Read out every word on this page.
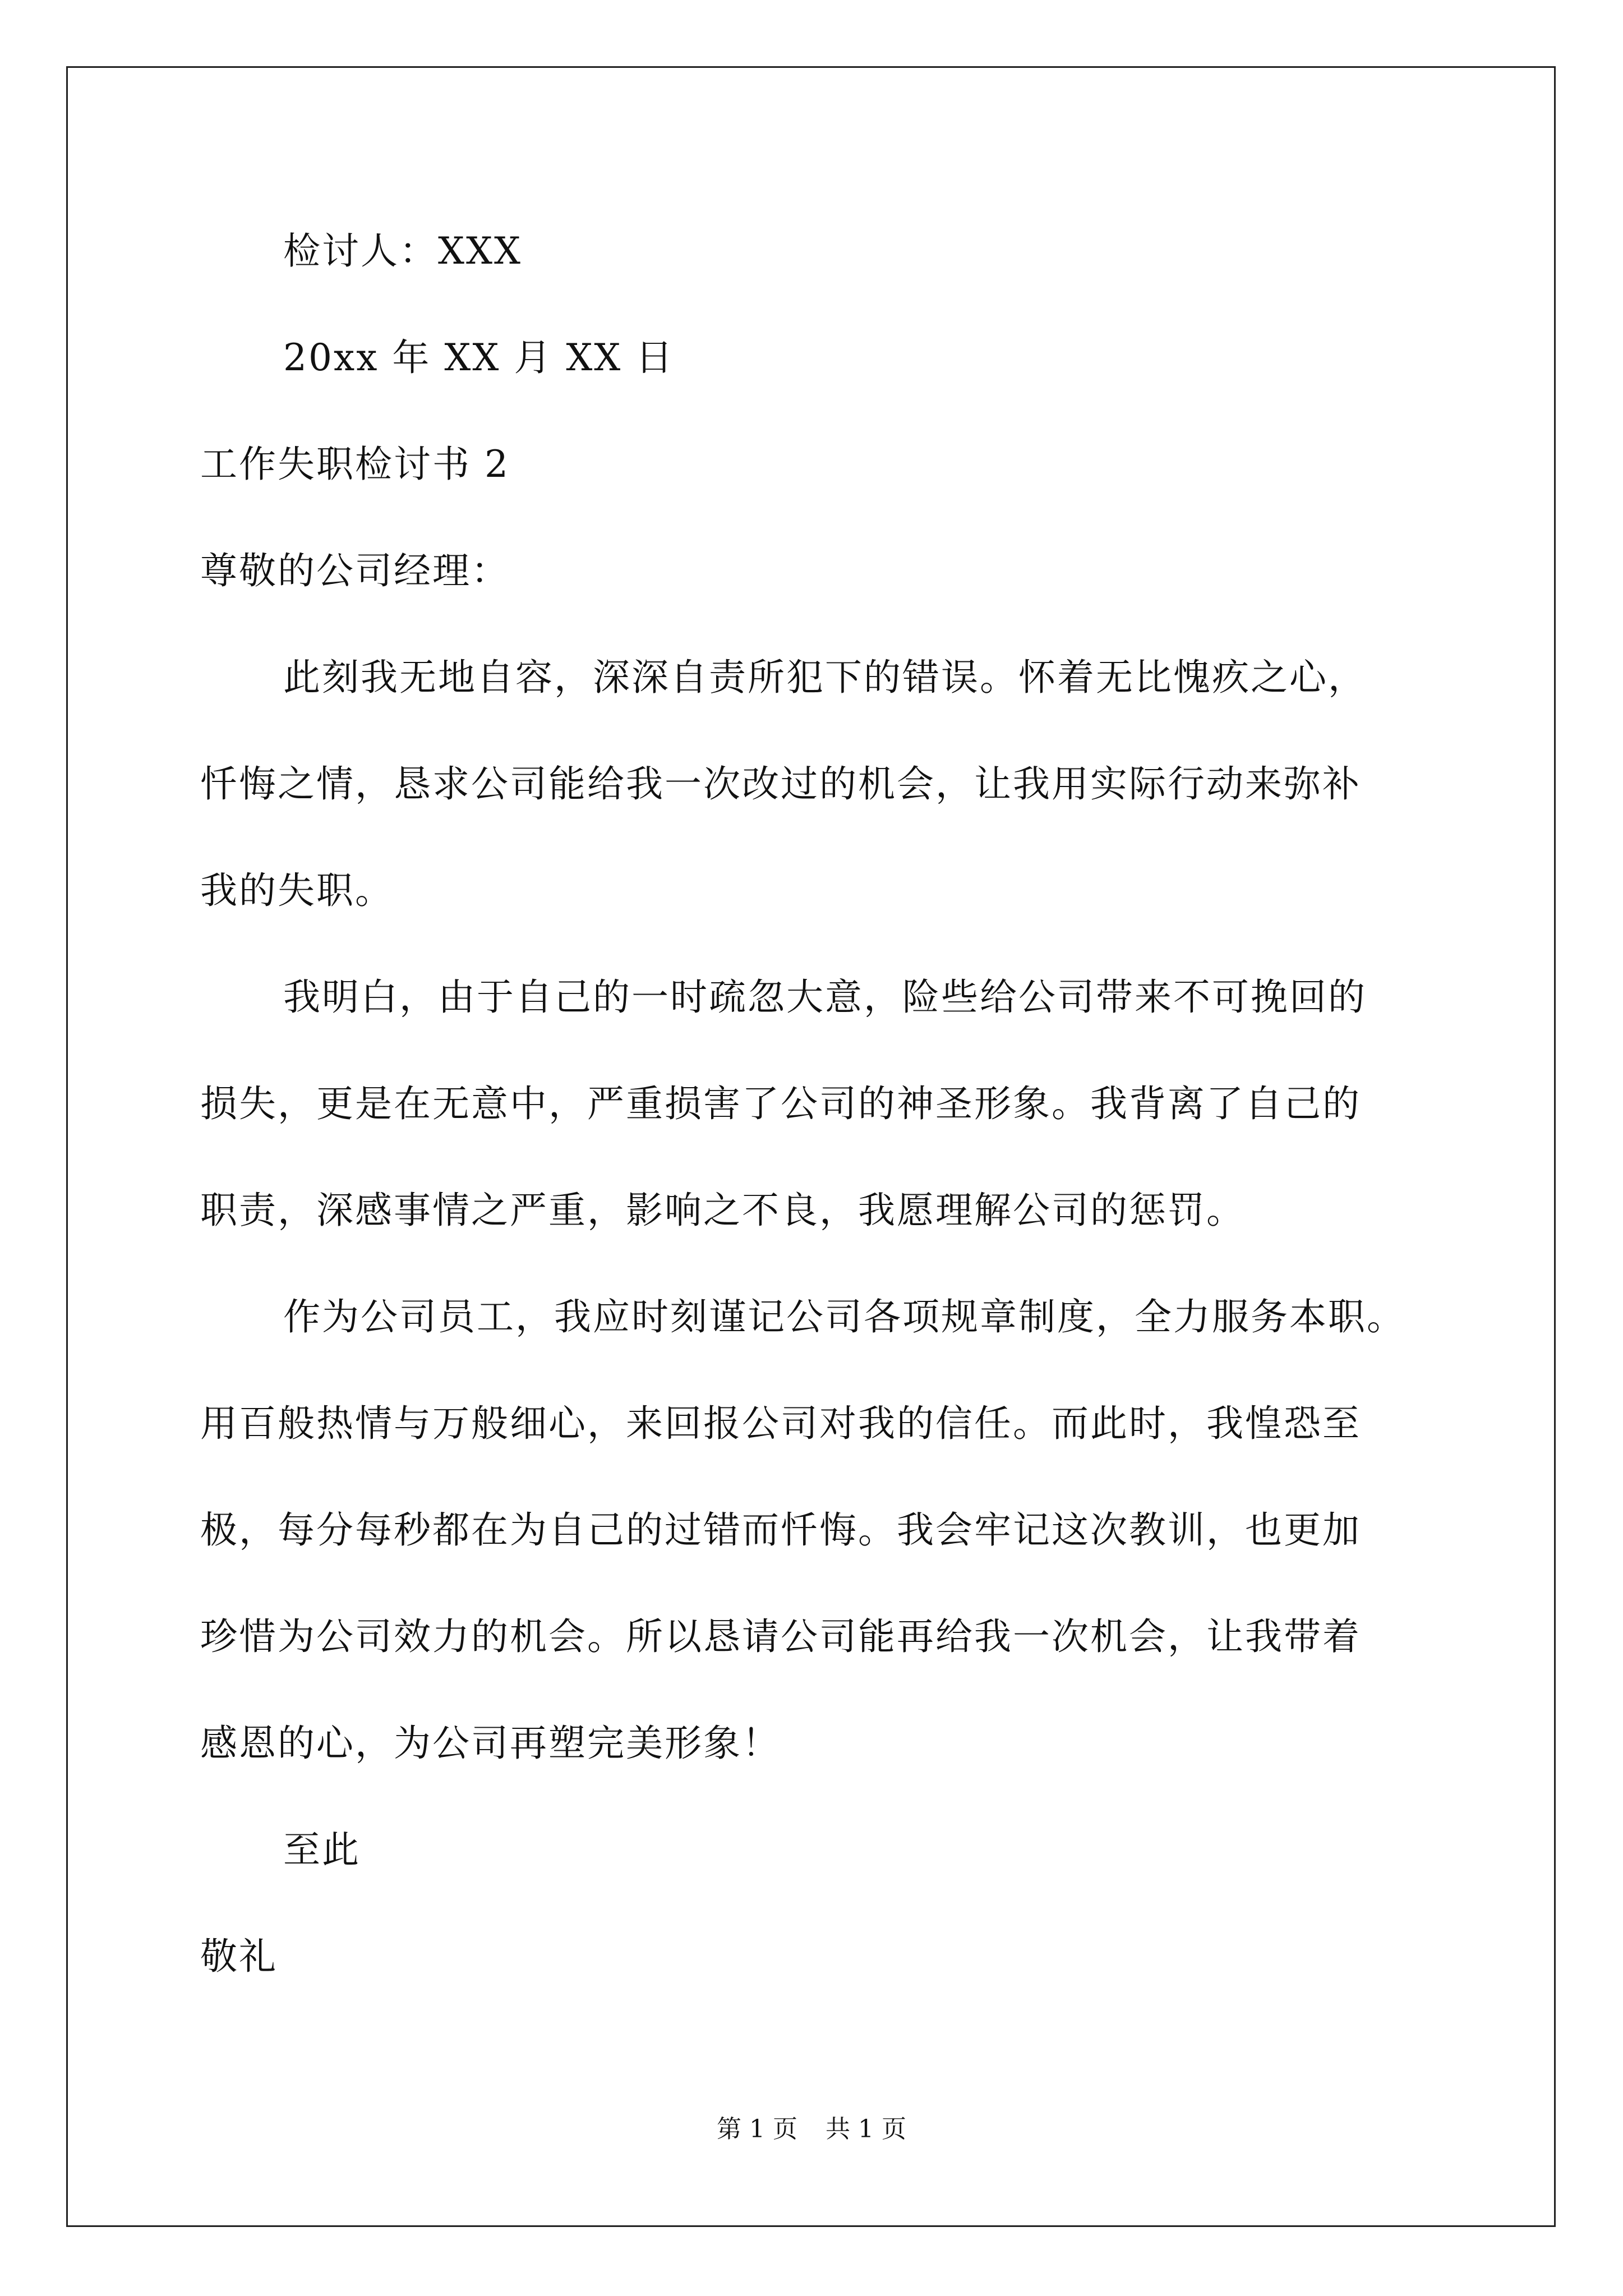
检讨人：XXX
20xx 年 XX 月 XX 日
工作失职检讨书 2
尊敬的公司经理：
此刻我无地自容，深深自责所犯下的错误。怀着无比愧疚之心，
忏悔之情，恳求公司能给我一次改过的机会，让我用实际行动来弥补
我的失职。
我明白，由于自己的一时疏忽大意，险些给公司带来不可挽回的
损失，更是在无意中，严重损害了公司的神圣形象。我背离了自己的
职责，深感事情之严重，影响之不良，我愿理解公司的惩罚。
作为公司员工，我应时刻谨记公司各项规章制度，全力服务本职。
用百般热情与万般细心，来回报公司对我的信任。而此时，我惶恐至
极，每分每秒都在为自己的过错而忏悔。我会牢记这次教训，也更加
珍惜为公司效力的机会。所以恳请公司能再给我一次机会，让我带着
感恩的心，为公司再塑完美形象！
至此
敬礼
第 1 页 共 1 页
